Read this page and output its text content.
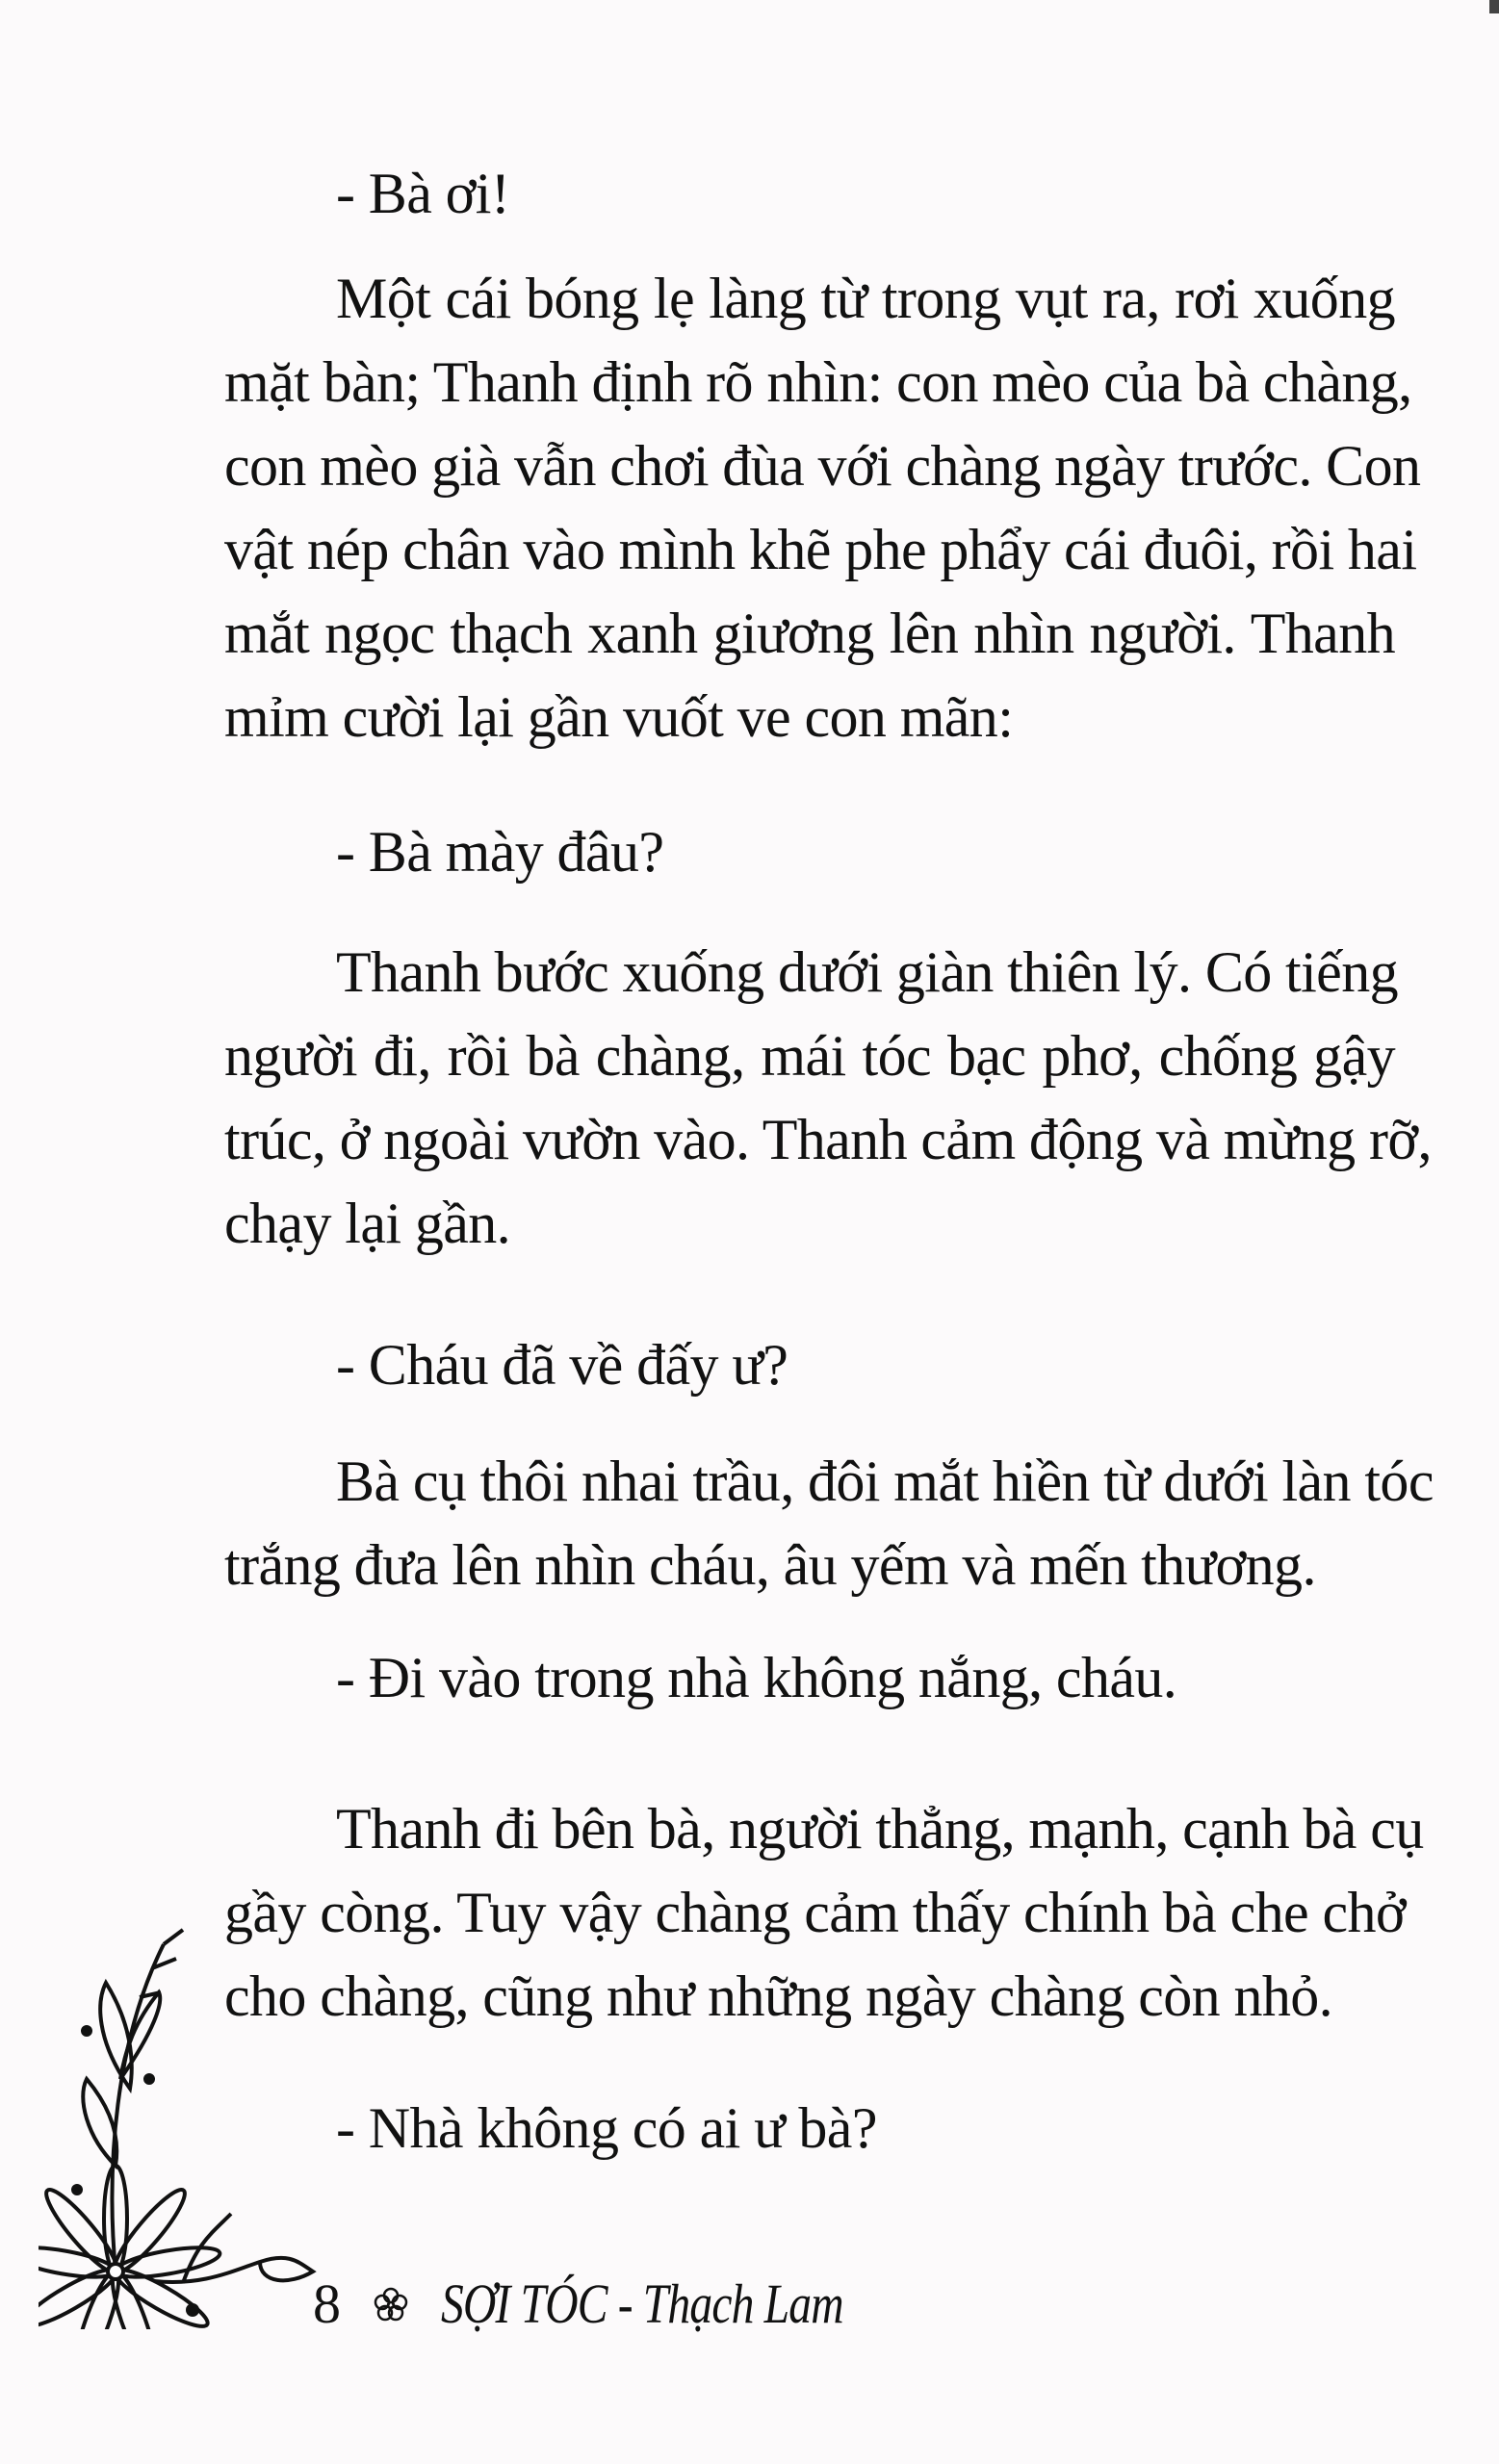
- Bà ơi!
Một cái bóng lẹ làng từ trong vụt ra, rơi xuống
mặt bàn; Thanh định rõ nhìn: con mèo của bà chàng,
con mèo già vẫn chơi đùa với chàng ngày trước. Con
vật nép chân vào mình khẽ phe phẩy cái đuôi, rồi hai
mắt ngọc thạch xanh giương lên nhìn người. Thanh
mỉm cười lại gần vuốt ve con mãn:
- Bà mày đâu?
Thanh bước xuống dưới giàn thiên lý. Có tiếng
người đi, rồi bà chàng, mái tóc bạc phơ, chống gậy
trúc, ở ngoài vườn vào. Thanh cảm động và mừng rỡ,
chạy lại gần.
- Cháu đã về đấy ư?
Bà cụ thôi nhai trầu, đôi mắt hiền từ dưới làn tóc
trắng đưa lên nhìn cháu, âu yếm và mến thương.
- Đi vào trong nhà không nắng, cháu.
Thanh đi bên bà, người thẳng, mạnh, cạnh bà cụ
gầy còng. Tuy vậy chàng cảm thấy chính bà che chở
cho chàng, cũng như những ngày chàng còn nhỏ.
- Nhà không có ai ư bà?
8 SỢI TÓC - Thạch Lam
